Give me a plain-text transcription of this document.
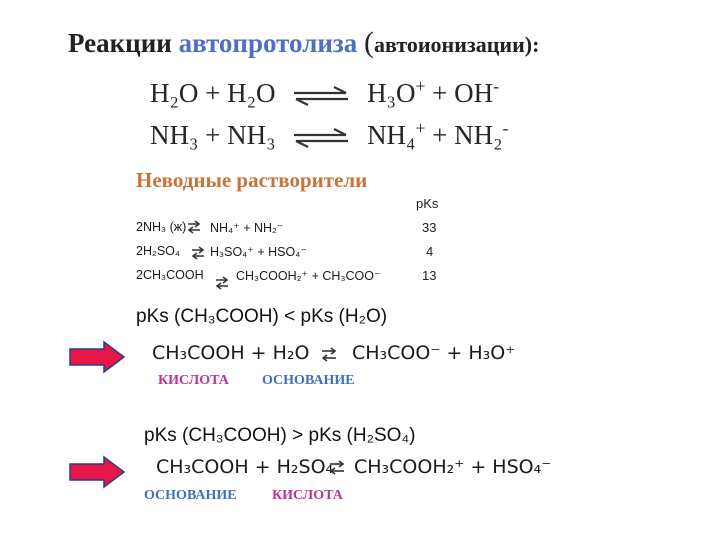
Реакции автопротолиза (автоионизации):
H₂O + H₂O ⇌ H₃O+ + OH-
NH₃ + NH₃ ⇌ NH₄+ + NH₂-
Неводные растворители
pKs
2NH₃ (ж) NH₄⁺ + NH₂⁻	33
2H₂SO₄ H₃SO₄⁺ + HSO₄⁻	4
2CH₃COOH	CH₃COOH₂⁺ + CH₃COO⁻	13
pKs (CH₃COOH) < pKs (H₂O)
CH₃COOH + H₂O CH₃COO⁻ + H₃O⁺
КИСЛОТА ОСНОВАНИЕ
pKs (CH₃COOH) > pKs (H₂SO₄)
CH₃COOH + H₂SO₄ CH₃COOH₂⁺ + HSO₄⁻
ОСНОВАНИЕ	КИСЛОТА
